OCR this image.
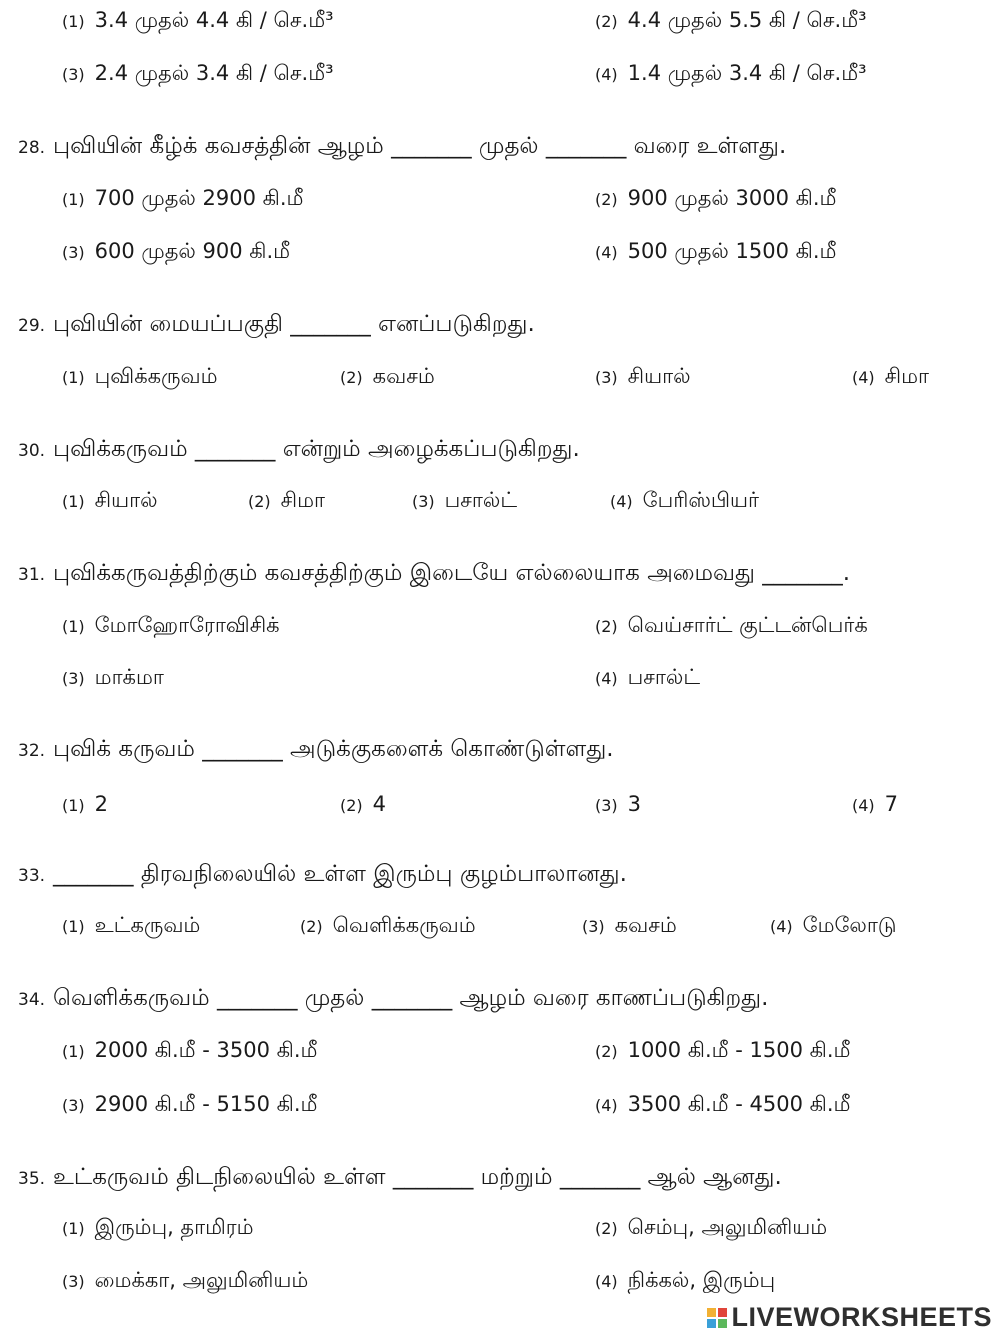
(1) 3.4 முதல் 4.4 கி / செ.மீ³	(2) 4.4 முதல் 5.5 கி / செ.மீ³
(3) 2.4 முதல் 3.4 கி / செ.மீ³	(4) 1.4 முதல் 3.4 கி / செ.மீ³
28. புவியின் கீழ்க் கவசத்தின் ஆழம் _______ முதல் _______ வரை உள்ளது.
(1) 700 முதல் 2900 கி.மீ	(2) 900 முதல் 3000 கி.மீ
(3) 600 முதல் 900 கி.மீ	(4) 500 முதல் 1500 கி.மீ
29. புவியின் மையப்பகுதி _______ எனப்படுகிறது.
(1) புவிக்கருவம்	(2) கவசம்	(3) சியால்	(4) சிமா
30. புவிக்கருவம் _______ என்றும் அழைக்கப்படுகிறது.
(1) சியால்	(2) சிமா	(3) பசால்ட்	(4) பேரிஸ்பியர்
31. புவிக்கருவத்திற்கும் கவசத்திற்கும் இடையே எல்லையாக அமைவது _______.
(1) மோஹோரோவிசிக்	(2) வெய்சார்ட் குட்டன்பெர்க்
(3) மாக்மா	(4) பசால்ட்
32. புவிக் கருவம் _______ அடுக்குகளைக் கொண்டுள்ளது.
(1) 2	(2) 4	(3) 3	(4) 7
33. _______ திரவநிலையில் உள்ள இரும்பு குழம்பாலானது.
(1) உட்கருவம்	(2) வெளிக்கருவம்	(3) கவசம்	(4) மேலோடு
34. வெளிக்கருவம் _______ முதல் _______ ஆழம் வரை காணப்படுகிறது.
(1) 2000 கி.மீ - 3500 கி.மீ	(2) 1000 கி.மீ - 1500 கி.மீ
(3) 2900 கி.மீ - 5150 கி.மீ	(4) 3500 கி.மீ - 4500 கி.மீ
35. உட்கருவம் திடநிலையில் உள்ள _______ மற்றும் _______ ஆல் ஆனது.
(1) இரும்பு, தாமிரம்	(2) செம்பு, அலுமினியம்
(3) மைக்கா, அலுமினியம்	(4) நிக்கல், இரும்பு
LIVEWORKSHEETS
